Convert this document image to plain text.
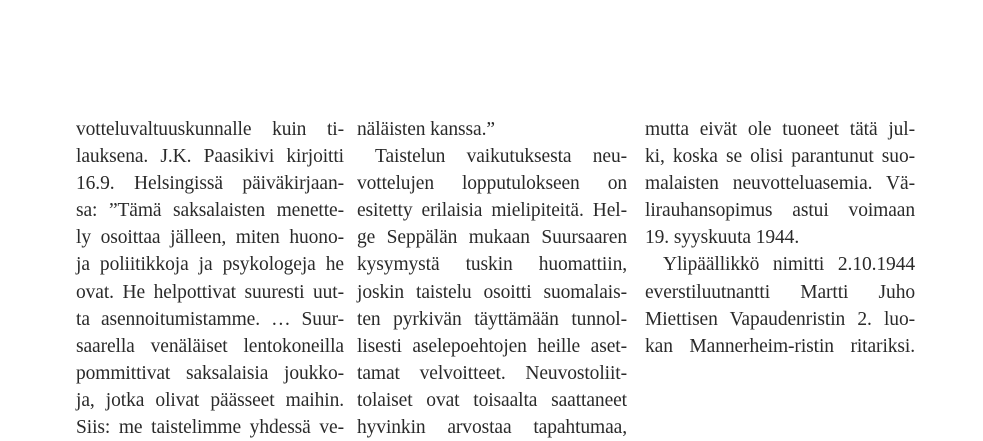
votteluvaltuuskunnalle kuin ti-
lauksena. J.K. Paasikivi kirjoitti
16.9. Helsingissä päiväkirjaan-
sa: ”Tämä saksalaisten menette-
ly osoittaa jälleen, miten huono-
ja poliitikkoja ja psykologeja he
ovat. He helpottivat suuresti uut-
ta asennoitumistamme. … Suur-
saarella venäläiset lentokoneilla
pommittivat saksalaisia joukko-
ja, jotka olivat päässeet maihin.
Siis: me taistelimme yhdessä ve-
näläisten kanssa.”
Taistelun vaikutuksesta neu-
vottelujen lopputulokseen on
esitetty erilaisia mielipiteitä. Hel-
ge Seppälän mukaan Suursaaren
kysymystä tuskin huomattiin,
joskin taistelu osoitti suomalais-
ten pyrkivän täyttämään tunnol-
lisesti aselepoehtojen heille aset-
tamat velvoitteet. Neuvostoliit-
tolaiset ovat toisaalta saattaneet
hyvinkin arvostaa tapahtumaa,
mutta eivät ole tuoneet tätä jul-
ki, koska se olisi parantunut suo-
malaisten neuvotteluasemia. Vä-
lirauhansopimus astui voimaan
19. syyskuuta 1944.
Ylipäällikkö nimitti 2.10.1944
everstiluutnantti Martti Juho
Miettisen Vapaudenristin 2. luo-
kan Mannerheim-ristin ritariksi.
